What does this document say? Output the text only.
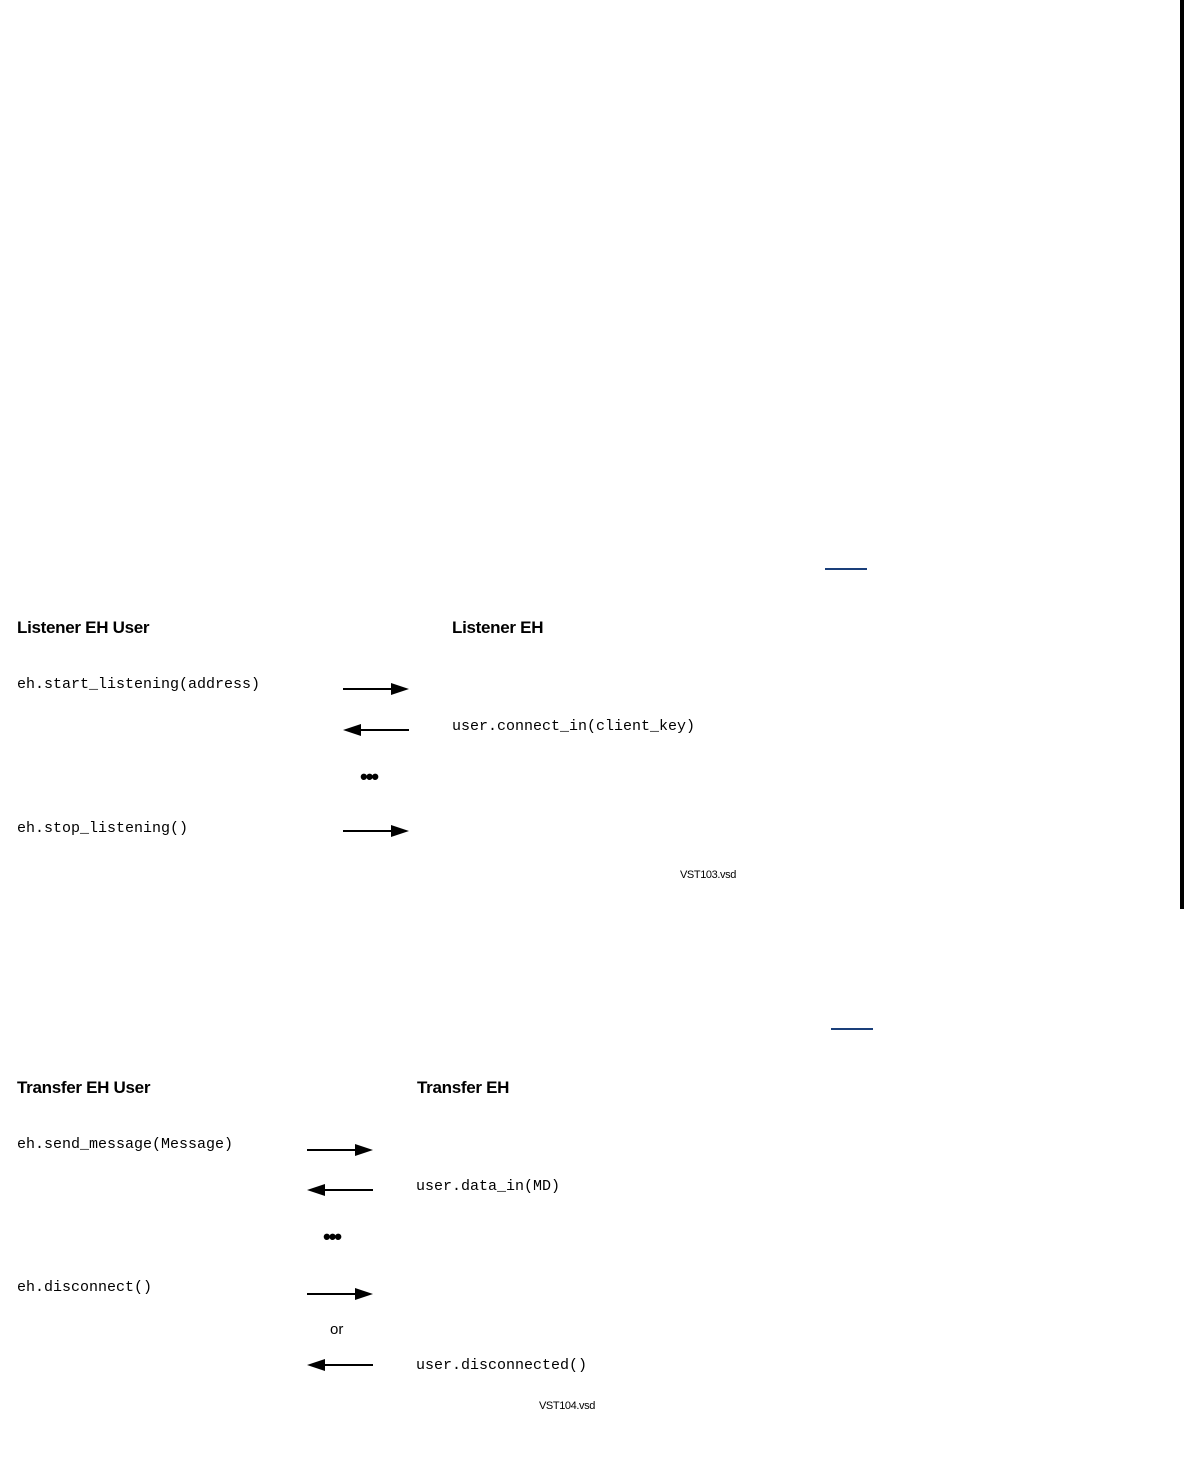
Listener EH User	Listener EH
eh.start_listening(address)
user.connect_in(client_key)
•••
eh.stop_listening()
VST103.vsd
Transfer EH User	Transfer EH
eh.send_message(Message)
user.data_in(MD)
•••
eh.disconnect()
or
user.disconnected()
VST104.vsd
